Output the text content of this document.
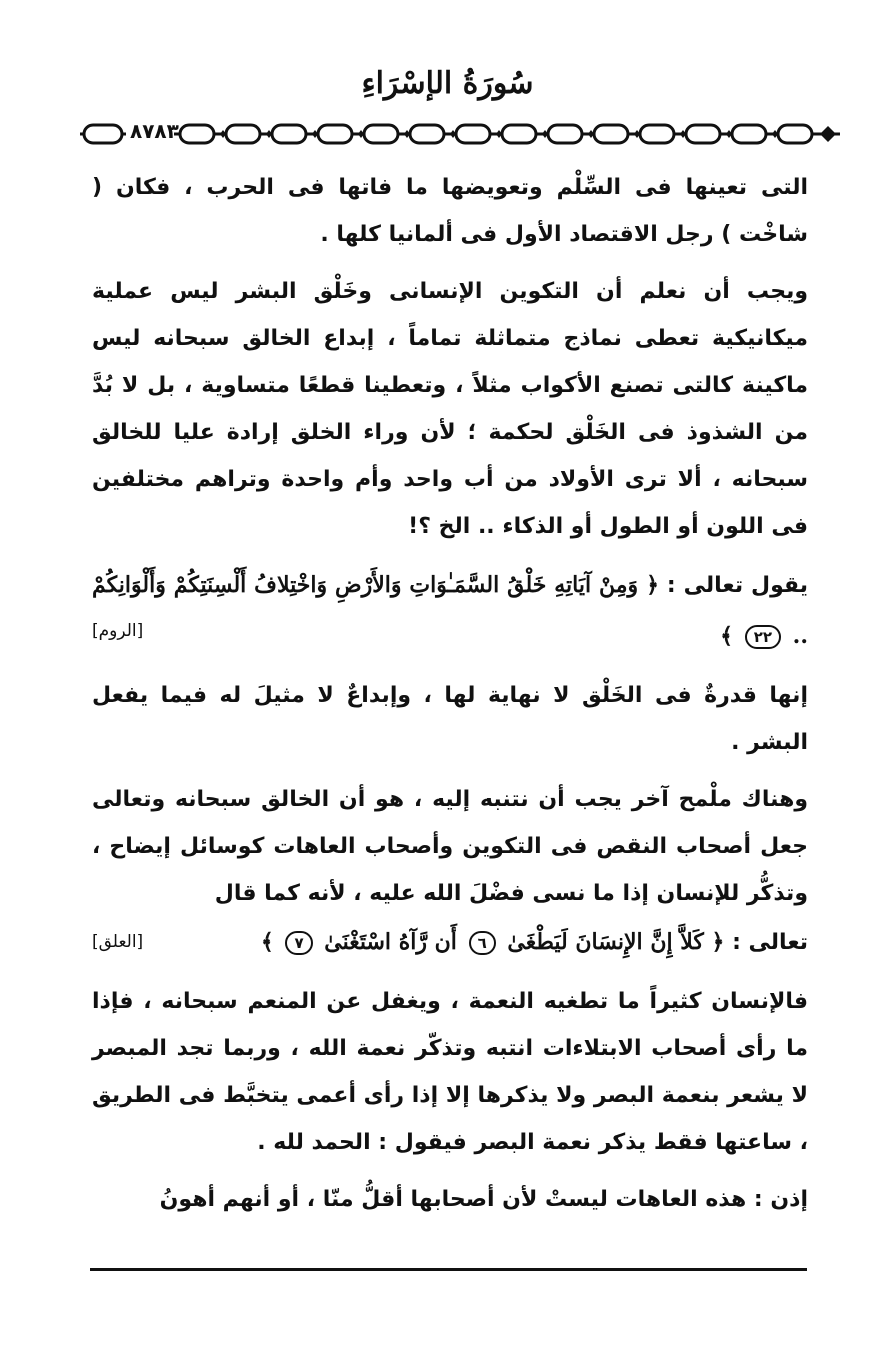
سُورَةُ الإسْرَاءِ
٨٧٨٣

التى تعينها فى السِّلْم وتعويضها ما فاتها فى الحرب ، فكان ( شاخْت ) رجل الاقتصاد الأول فى ألمانيا كلها .

ويجب أن نعلم أن التكوين الإنسانى وخَلْق البشر ليس عملية ميكانيكية تعطى نماذج متماثلة تماماً ، إبداع الخالق سبحانه ليس ماكينة كالتى تصنع الأكواب مثلاً ، وتعطينا قطعًا متساوية ، بل لا بُدَّ من الشذوذ فى الخَلْق لحكمة ؛ لأن وراء الخلق إرادة عليا للخالق سبحانه ، ألا ترى الأولاد من أب واحد وأم واحدة وتراهم مختلفين فى اللون أو الطول أو الذكاء .. الخ ؟!

يقول تعالى : ﴿ وَمِنْ آيَاتِهِ خَلْقُ السَّمَـٰوَاتِ وَالأَرْضِ وَاخْتِلافُ أَلْسِنَتِكُمْ وَأَلْوَانِكُمْ .. ٢٢ ﴾
[الروم]

إنها قدرةٌ فى الخَلْق لا نهاية لها ، وإبداعٌ لا مثيلَ له فيما يفعل البشر .

وهناك ملْمح آخر يجب أن نتنبه إليه ، هو أن الخالق سبحانه وتعالى جعل أصحاب النقص فى التكوين وأصحاب العاهات كوسائل إيضاح ، وتذكُّر للإنسان إذا ما نسى فضْلَ الله عليه ، لأنه كما قال

تعالى : ﴿ كَلاَّ إِنَّ الإِنسَانَ لَيَطْغَىٰ ٦ أَن رَّآهُ اسْتَغْنَىٰ ٧ ﴾
[العلق]

فالإنسان كثيراً ما تطغيه النعمة ، ويغفل عن المنعم سبحانه ، فإذا ما رأى أصحاب الابتلاءات انتبه وتذكّر نعمة الله ، وربما تجد المبصر لا يشعر بنعمة البصر ولا يذكرها إلا إذا رأى أعمى يتخبَّط فى الطريق ، ساعتها فقط يذكر نعمة البصر فيقول : الحمد لله .

إذن : هذه العاهات ليستْ لأن أصحابها أقلُّ منّا ، أو أنهم أهونُ
